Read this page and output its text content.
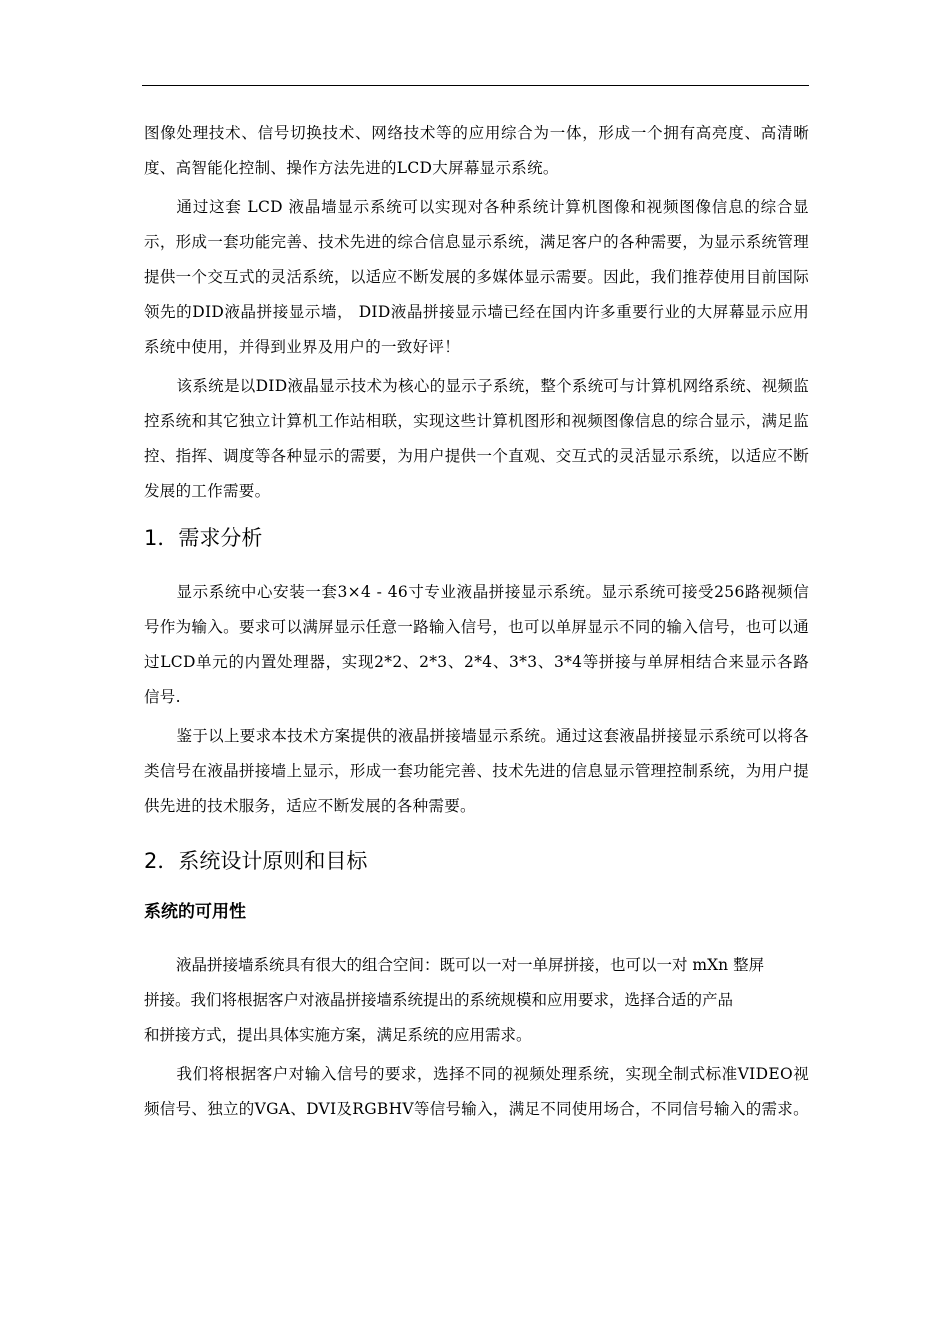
图像处理技术、信号切换技术、网络技术等的应用综合为一体，形成一个拥有高亮度、高清晰度、高智能化控制、操作方法先进的LCD大屏幕显示系统。

通过这套 LCD 液晶墙显示系统可以实现对各种系统计算机图像和视频图像信息的综合显示，形成一套功能完善、技术先进的综合信息显示系统，满足客户的各种需要，为显示系统管理提供一个交互式的灵活系统，以适应不断发展的多媒体显示需要。因此，我们推荐使用目前国际领先的DID液晶拼接显示墙， DID液晶拼接显示墙已经在国内许多重要行业的大屏幕显示应用系统中使用，并得到业界及用户的一致好评！

该系统是以DID液晶显示技术为核心的显示子系统，整个系统可与计算机网络系统、视频监控系统和其它独立计算机工作站相联，实现这些计算机图形和视频图像信息的综合显示，满足监控、指挥、调度等各种显示的需要，为用户提供一个直观、交互式的灵活显示系统，以适应不断发展的工作需要。

1．需求分析

显示系统中心安装一套3×4 - 46寸专业液晶拼接显示系统。显示系统可接受256路视频信号作为输入。要求可以满屏显示任意一路输入信号，也可以单屏显示不同的输入信号，也可以通过LCD单元的内置处理器，实现2*2、2*3、2*4、3*3、3*4等拼接与单屏相结合来显示各路信号.

鉴于以上要求本技术方案提供的液晶拼接墙显示系统。通过这套液晶拼接显示系统可以将各类信号在液晶拼接墙上显示，形成一套功能完善、技术先进的信息显示管理控制系统，为用户提供先进的技术服务，适应不断发展的各种需要。

2．系统设计原则和目标
系统的可用性
液晶拼接墙系统具有很大的组合空间：既可以一对一单屏拼接，也可以一对 mXn 整屏
拼接。我们将根据客户对液晶拼接墙系统提出的系统规模和应用要求，选择合适的产品
和拼接方式，提出具体实施方案，满足系统的应用需求。

我们将根据客户对输入信号的要求，选择不同的视频处理系统，实现全制式标准VIDEO视频信号、独立的VGA、DVI及RGBHV等信号输入，满足不同使用场合，不同信号输入的需求。
